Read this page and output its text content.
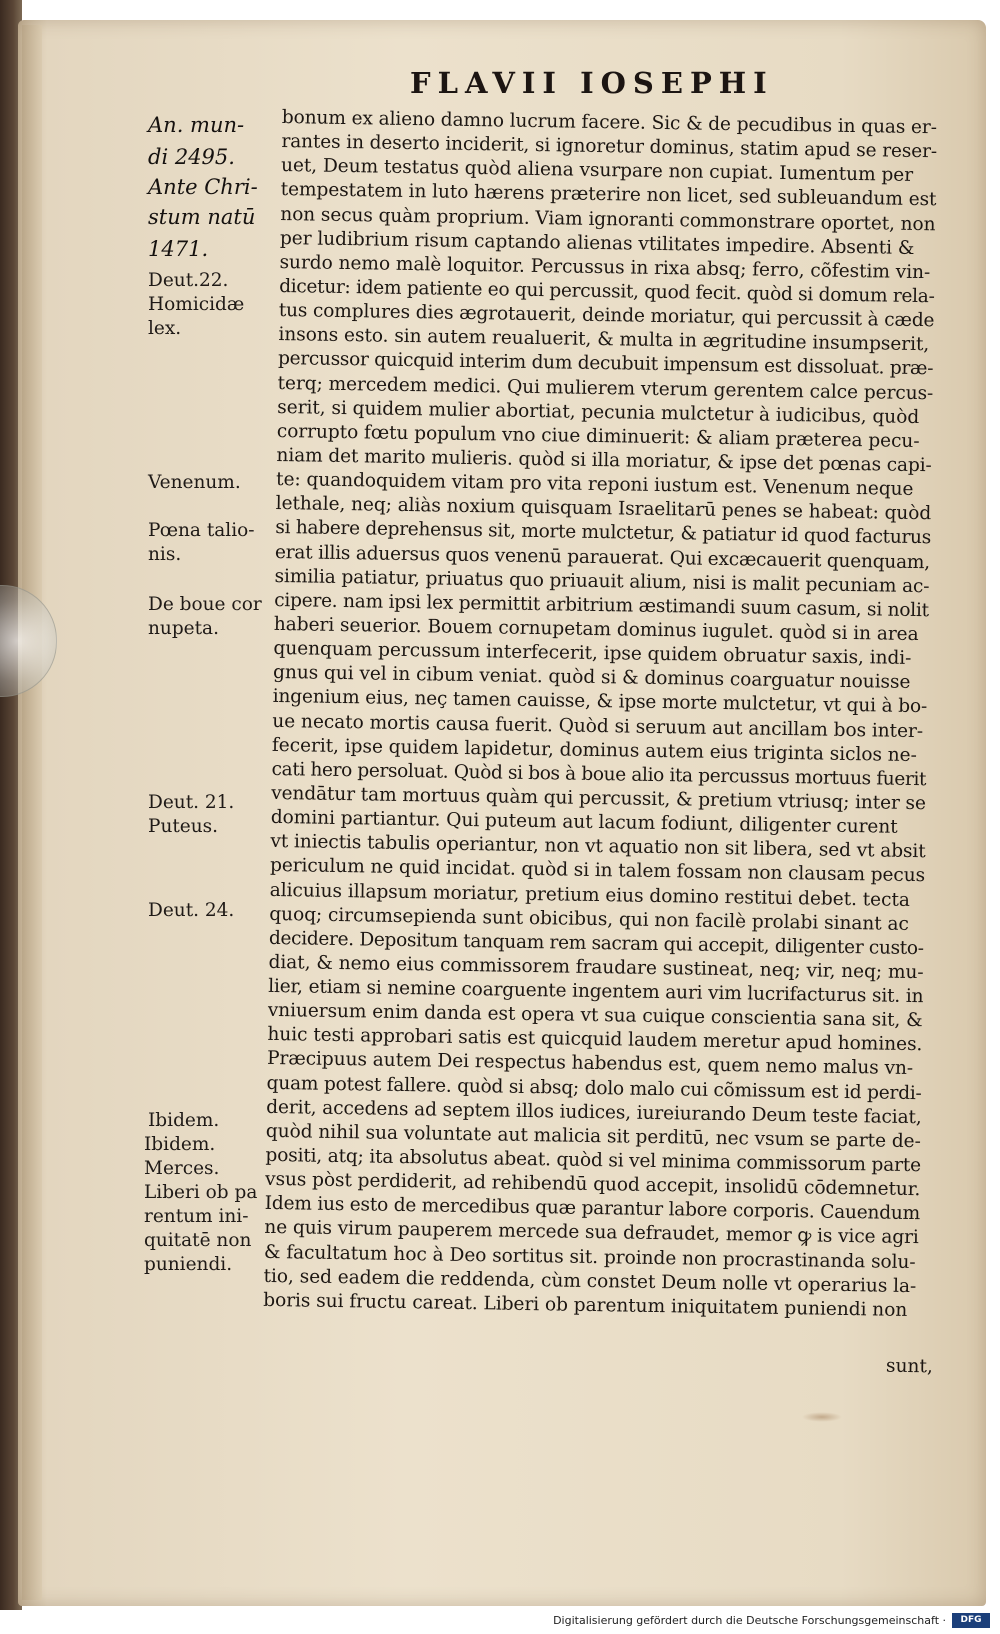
FLAVII IOSEPHI
An. mun-
di 2495.
Ante Chri-
stum natū
1471.
Deut.22.
Homicidæ
lex.
Venenum.
Pœna talio-
nis.
De boue cor
nupeta.
Deut. 21.
Puteus.
Deut. 24.
Ibidem.
Ibidem.
Merces.
Liberi ob pa
rentum ini-
quitatē non
puniendi.
bonum ex alieno damno lucrum facere. Sic & de pecudibus in quas er-
rantes in deserto inciderit, si ignoretur dominus, statim apud se reser-
uet, Deum testatus quòd aliena vsurpare non cupiat. Iumentum per
tempestatem in luto hærens præterire non licet, sed subleuandum est
non secus quàm proprium. Viam ignoranti commonstrare oportet, non
per ludibrium risum captando alienas vtilitates impedire. Absenti &
surdo nemo malè loquitor. Percussus in rixa absq; ferro, cõfestim vin-
dicetur: idem patiente eo qui percussit, quod fecit. quòd si domum rela-
tus complures dies ægrotauerit, deinde moriatur, qui percussit à cæde
insons esto. sin autem reualuerit, & multa in ægritudine insumpserit,
percussor quicquid interim dum decubuit impensum est dissoluat. præ-
terq; mercedem medici. Qui mulierem vterum gerentem calce percus-
serit, si quidem mulier abortiat, pecunia mulctetur à iudicibus, quòd
corrupto fœtu populum vno ciue diminuerit: & aliam præterea pecu-
niam det marito mulieris. quòd si illa moriatur, & ipse det pœnas capi-
te: quandoquidem vitam pro vita reponi iustum est. Venenum neque
lethale, neq; aliàs noxium quisquam Israelitarū penes se habeat: quòd
si habere deprehensus sit, morte mulctetur, & patiatur id quod facturus
erat illis aduersus quos venenū parauerat. Qui excæcauerit quenquam,
similia patiatur, priuatus quo priuauit alium, nisi is malit pecuniam ac-
cipere. nam ipsi lex permittit arbitrium æstimandi suum casum, si nolit
haberi seuerior. Bouem cornupetam dominus iugulet. quòd si in area
quenquam percussum interfecerit, ipse quidem obruatur saxis, indi-
gnus qui vel in cibum veniat. quòd si & dominus coarguatur nouisse
ingenium eius, neç tamen cauisse, & ipse morte mulctetur, vt qui à bo-
ue necato mortis causa fuerit. Quòd si seruum aut ancillam bos inter-
fecerit, ipse quidem lapidetur, dominus autem eius triginta siclos ne-
cati hero persoluat. Quòd si bos à boue alio ita percussus mortuus fuerit
vendātur tam mortuus quàm qui percussit, & pretium vtriusq; inter se
domini partiantur. Qui puteum aut lacum fodiunt, diligenter curent
vt iniectis tabulis operiantur, non vt aquatio non sit libera, sed vt absit
periculum ne quid incidat. quòd si in talem fossam non clausam pecus
alicuius illapsum moriatur, pretium eius domino restitui debet. tecta
quoq; circumsepienda sunt obicibus, qui non facilè prolabi sinant ac
decidere. Depositum tanquam rem sacram qui accepit, diligenter custo-
diat, & nemo eius commissorem fraudare sustineat, neq; vir, neq; mu-
lier, etiam si nemine coarguente ingentem auri vim lucrifacturus sit. in
vniuersum enim danda est opera vt sua cuique conscientia sana sit, &
huic testi approbari satis est quicquid laudem meretur apud homines.
Præcipuus autem Dei respectus habendus est, quem nemo malus vn-
quam potest fallere. quòd si absq; dolo malo cui cõmissum est id perdi-
derit, accedens ad septem illos iudices, iureiurando Deum teste faciat,
quòd nihil sua voluntate aut malicia sit perditū, nec vsum se parte de-
positi, atq; ita absolutus abeat. quòd si vel minima commissorum parte
vsus pòst perdiderit, ad rehibendū quod accepit, insolidū cōdemnetur.
Idem ius esto de mercedibus quæ parantur labore corporis. Cauendum
ne quis virum pauperem mercede sua defraudet, memor ꝙ is vice agri
& facultatum hoc à Deo sortitus sit. proinde non procrastinanda solu-
tio, sed eadem die reddenda, cùm constet Deum nolle vt operarius la-
boris sui fructu careat. Liberi ob parentum iniquitatem puniendi non
sunt,
Digitalisierung gefördert durch die Deutsche Forschungsgemeinschaft ·	DFG
